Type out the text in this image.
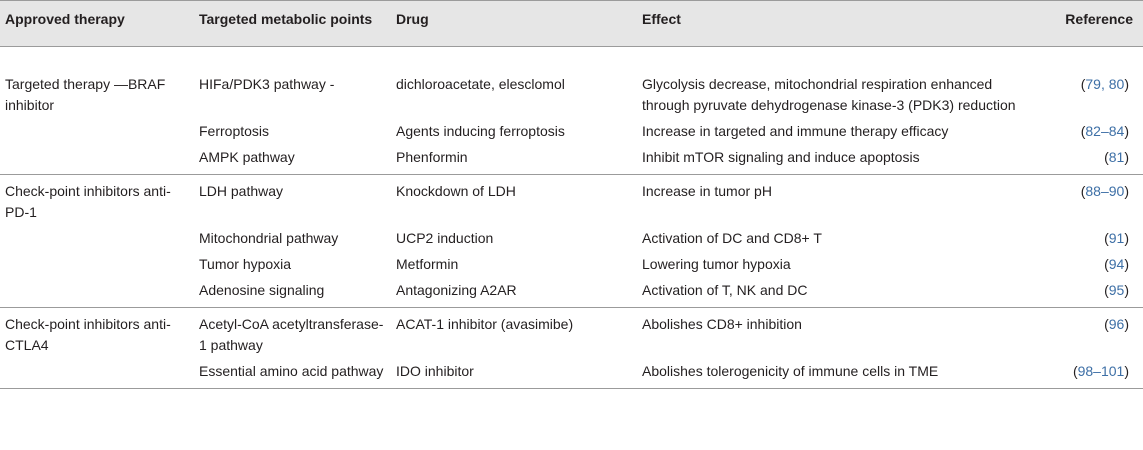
Approved therapy	Targeted metabolic points	Drug	Effect	Reference
Targeted therapy —BRAF inhibitor	HIFa/PDK3 pathway -	dichloroacetate, elesclomol	Glycolysis decrease, mitochondrial respiration enhanced through pyruvate dehydrogenase kinase-3 (PDK3) reduction	(79, 80)
	Ferroptosis	Agents inducing ferroptosis	Increase in targeted and immune therapy efficacy	(82–84)
	AMPK pathway	Phenformin	Inhibit mTOR signaling and induce apoptosis	(81)
Check-point inhibitors anti-PD-1	LDH pathway	Knockdown of LDH	Increase in tumor pH	(88–90)
	Mitochondrial pathway	UCP2 induction	Activation of DC and CD8+ T	(91)
	Tumor hypoxia	Metformin	Lowering tumor hypoxia	(94)
	Adenosine signaling	Antagonizing A2AR	Activation of T, NK and DC	(95)
Check-point inhibitors anti-CTLA4	Acetyl-CoA acetyltransferase-1 pathway	ACAT-1 inhibitor (avasimibe)	Abolishes CD8+ inhibition	(96)
	Essential amino acid pathway	IDO inhibitor	Abolishes tolerogenicity of immune cells in TME	(98–101)
